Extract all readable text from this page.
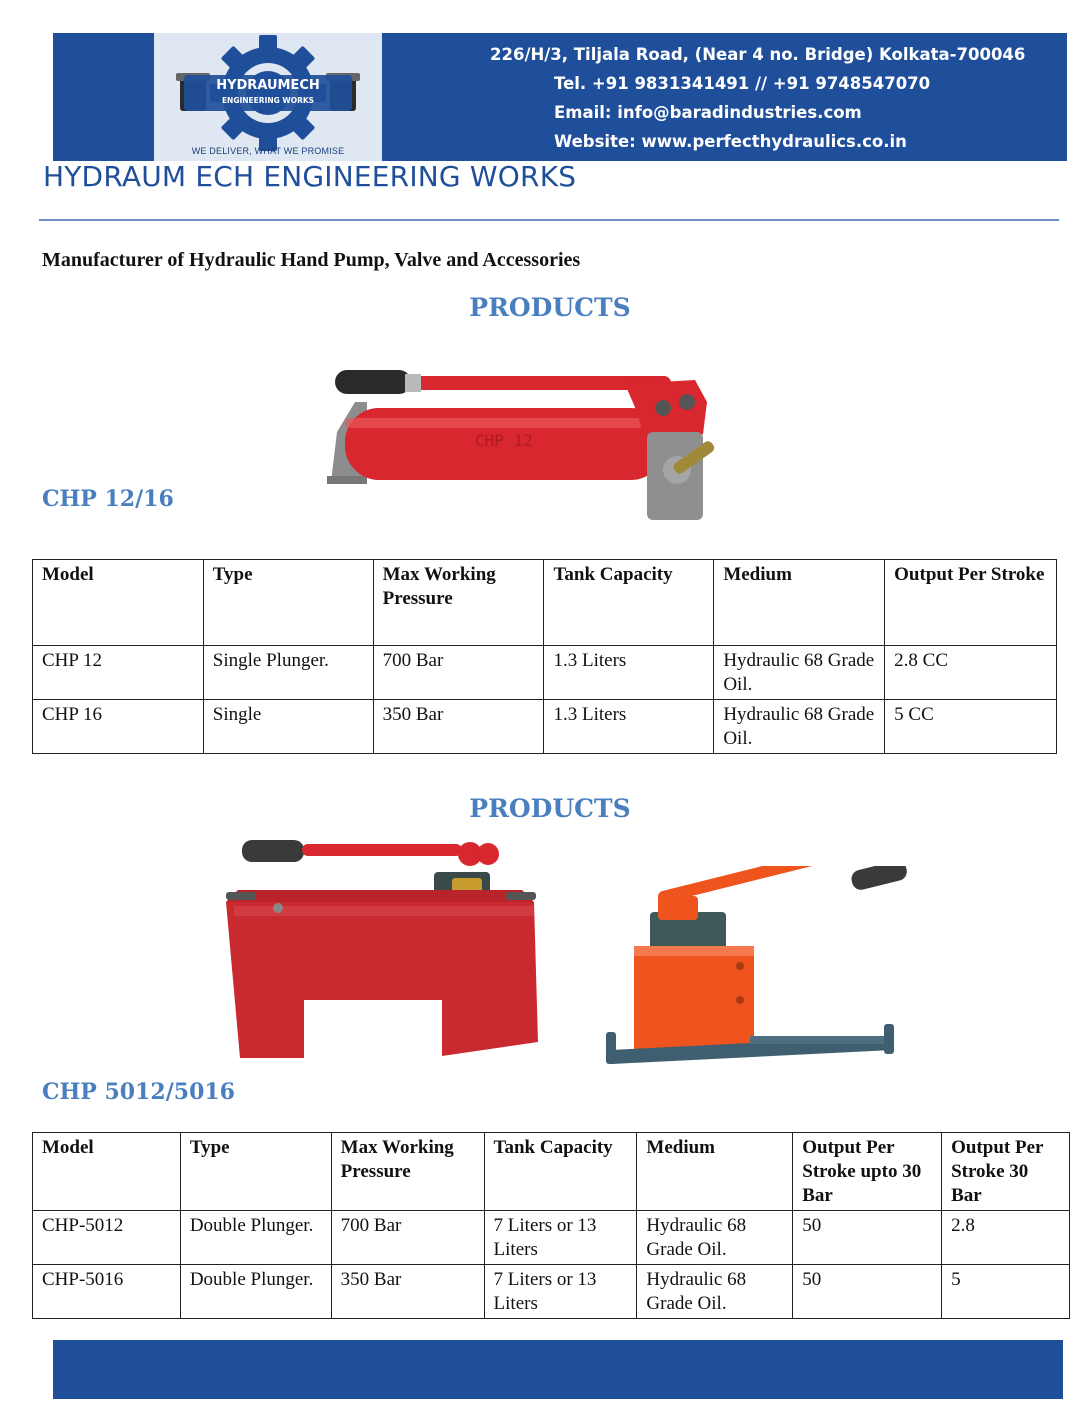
HYDRAUMECH
ENGINEERING WORKS
WE DELIVER, WHAT WE PROMISE
226/H/3, Tiljala Road, (Near 4 no. Bridge) Kolkata-700046
Tel. +91 9831341491 // +91 9748547070
Email: info@baradindustries.com
Website: www.perfecthydraulics.co.in
HYDRAUM ECH ENGINEERING WORKS
Manufacturer of Hydraulic Hand Pump, Valve and Accessories
PRODUCTS
CHP 12
CHP 12/16
Model	Type	Max Working Pressure	Tank Capacity	Medium	Output Per Stroke
CHP 12	Single Plunger.	700 Bar	1.3 Liters	Hydraulic 68 Grade Oil.	2.8 CC
CHP 16	Single	350 Bar	1.3 Liters	Hydraulic 68 Grade Oil.	5 CC
PRODUCTS
CHP 5012/5016
Model	Type	Max Working Pressure	Tank Capacity	Medium	Output Per Stroke upto 30 Bar	Output Per Stroke 30 Bar
CHP-5012	Double Plunger.	700 Bar	7 Liters or 13 Liters	Hydraulic 68 Grade Oil.	50	2.8
CHP-5016	Double Plunger.	350 Bar	7 Liters or 13 Liters	Hydraulic 68 Grade Oil.	50	5
